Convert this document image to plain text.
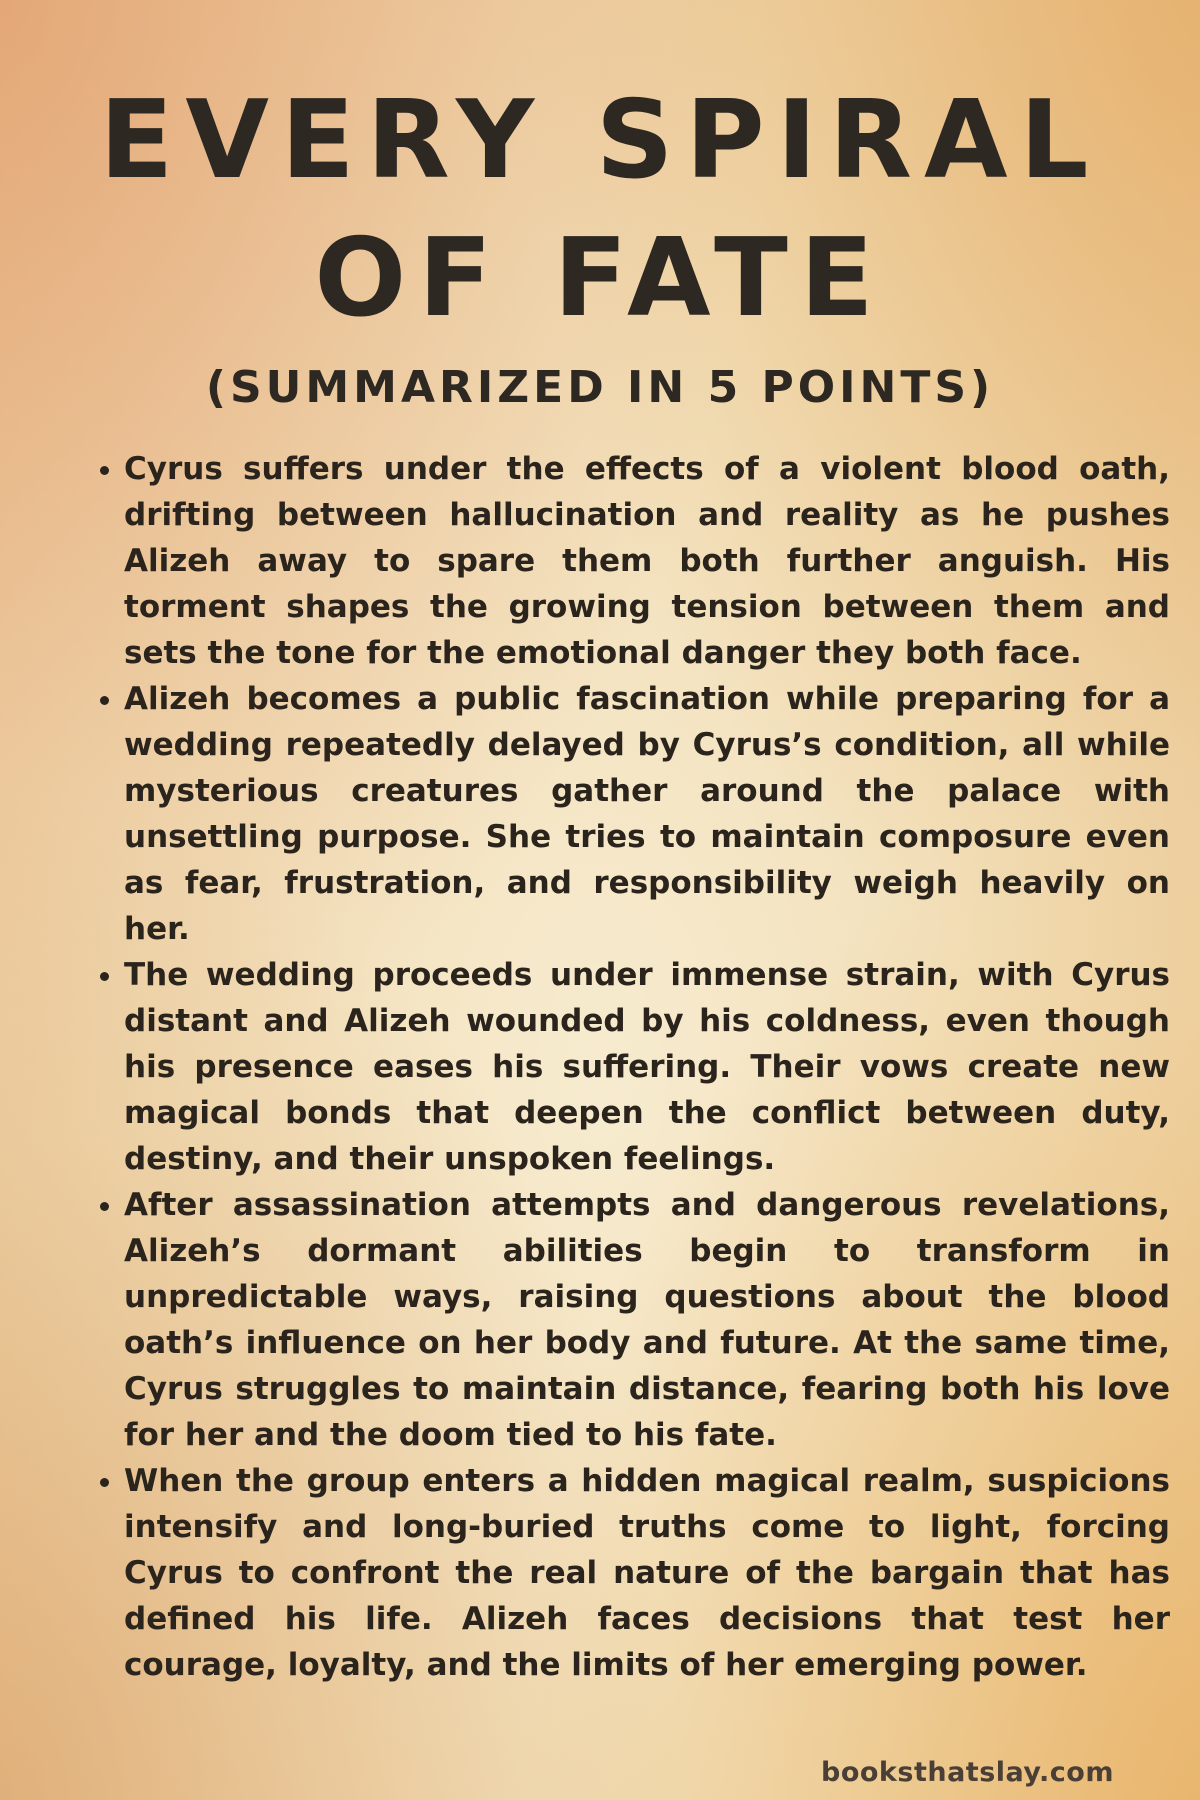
EVERY SPIRAL OF FATE
(SUMMARIZED IN 5 POINTS)
• Cyrus suffers under the effects of a violent blood oath, drifting between hallucination and reality as he pushes Alizeh away to spare them both further anguish. His torment shapes the growing tension between them and sets the tone for the emotional danger they both face.
• Alizeh becomes a public fascination while preparing for a wedding repeatedly delayed by Cyrus’s condition, all while mysterious creatures gather around the palace with unsettling purpose. She tries to maintain composure even as fear, frustration, and responsibility weigh heavily on her.
• The wedding proceeds under immense strain, with Cyrus distant and Alizeh wounded by his coldness, even though his presence eases his suffering. Their vows create new magical bonds that deepen the conflict between duty, destiny, and their unspoken feelings.
• After assassination attempts and dangerous revelations, Alizeh’s dormant abilities begin to transform in unpredictable ways, raising questions about the blood oath’s influence on her body and future. At the same time, Cyrus struggles to maintain distance, fearing both his love for her and the doom tied to his fate.
• When the group enters a hidden magical realm, suspicions intensify and long-buried truths come to light, forcing Cyrus to confront the real nature of the bargain that has defined his life. Alizeh faces decisions that test her courage, loyalty, and the limits of her emerging power.
booksthatslay.com
